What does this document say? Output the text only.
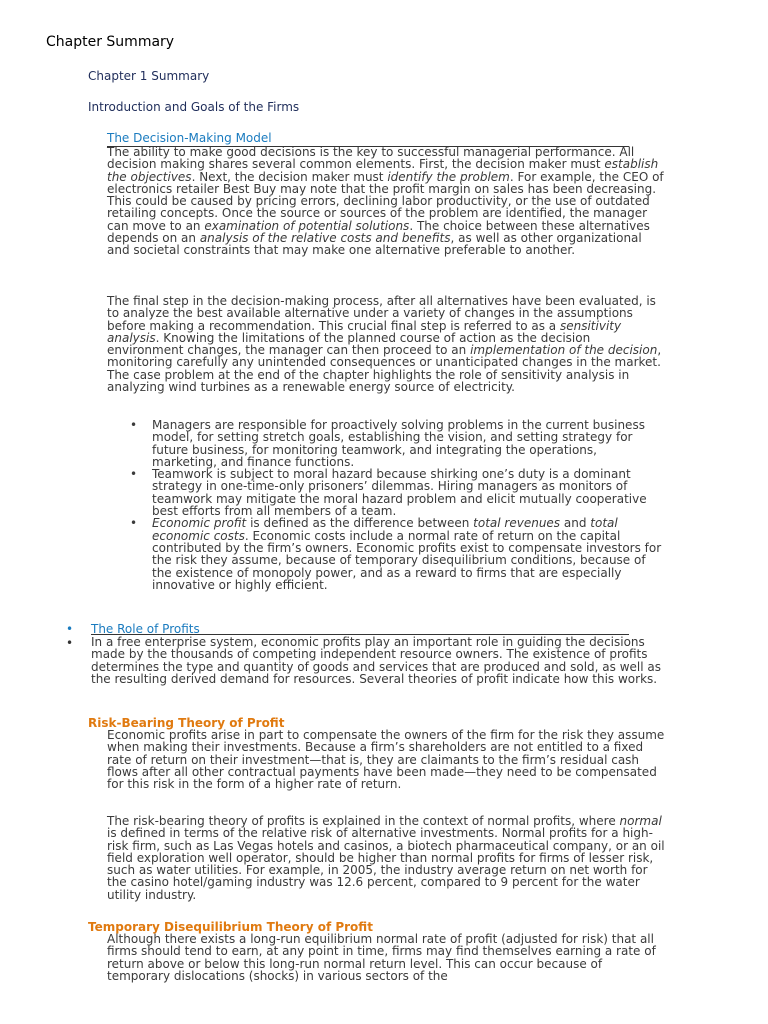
Chapter Summary
Chapter 1 Summary
Introduction and Goals of the Firms
The Decision-Making Model
The ability to make good decisions is the key to successful managerial performance. All decision making shares several common elements. First, the decision maker must establish the objectives. Next, the decision maker must identify the problem. For example, the CEO of electronics retailer Best Buy may note that the profit margin on sales has been decreasing. This could be caused by pricing errors, declining labor productivity, or the use of outdated retailing concepts. Once the source or sources of the problem are identified, the manager can move to an examination of potential solutions. The choice between these alternatives depends on an analysis of the relative costs and benefits, as well as other organizational and societal constraints that may make one alternative preferable to another.
The final step in the decision-making process, after all alternatives have been evaluated, is to analyze the best available alternative under a variety of changes in the assumptions before making a recommendation. This crucial final step is referred to as a sensitivity analysis. Knowing the limitations of the planned course of action as the decision environment changes, the manager can then proceed to an implementation of the decision, monitoring carefully any unintended consequences or unanticipated changes in the market. The case problem at the end of the chapter highlights the role of sensitivity analysis in analyzing wind turbines as a renewable energy source of electricity.
• Managers are responsible for proactively solving problems in the current business model, for setting stretch goals, establishing the vision, and setting strategy for future business, for monitoring teamwork, and integrating the operations, marketing, and finance functions.
• Teamwork is subject to moral hazard because shirking one’s duty is a dominant strategy in one-time-only prisoners’ dilemmas. Hiring managers as monitors of teamwork may mitigate the moral hazard problem and elicit mutually cooperative best efforts from all members of a team.
• Economic profit is defined as the difference between total revenues and total economic costs. Economic costs include a normal rate of return on the capital contributed by the firm’s owners. Economic profits exist to compensate investors for the risk they assume, because of temporary disequilibrium conditions, because of the existence of monopoly power, and as a reward to firms that are especially innovative or highly efficient.
• The Role of Profits
• In a free enterprise system, economic profits play an important role in guiding the decisions made by the thousands of competing independent resource owners. The existence of profits determines the type and quantity of goods and services that are produced and sold, as well as the resulting derived demand for resources. Several theories of profit indicate how this works.
Risk-Bearing Theory of Profit
Economic profits arise in part to compensate the owners of the firm for the risk they assume when making their investments. Because a firm’s shareholders are not entitled to a fixed rate of return on their investment—that is, they are claimants to the firm’s residual cash flows after all other contractual payments have been made—they need to be compensated for this risk in the form of a higher rate of return.
The risk-bearing theory of profits is explained in the context of normal profits, where normal is defined in terms of the relative risk of alternative investments. Normal profits for a high-risk firm, such as Las Vegas hotels and casinos, a biotech pharmaceutical company, or an oil field exploration well operator, should be higher than normal profits for firms of lesser risk, such as water utilities. For example, in 2005, the industry average return on net worth for the casino hotel/gaming industry was 12.6 percent, compared to 9 percent for the water utility industry.
Temporary Disequilibrium Theory of Profit
Although there exists a long-run equilibrium normal rate of profit (adjusted for risk) that all firms should tend to earn, at any point in time, firms may find themselves earning a rate of return above or below this long-run normal return level. This can occur because of temporary dislocations (shocks) in various sectors of the
